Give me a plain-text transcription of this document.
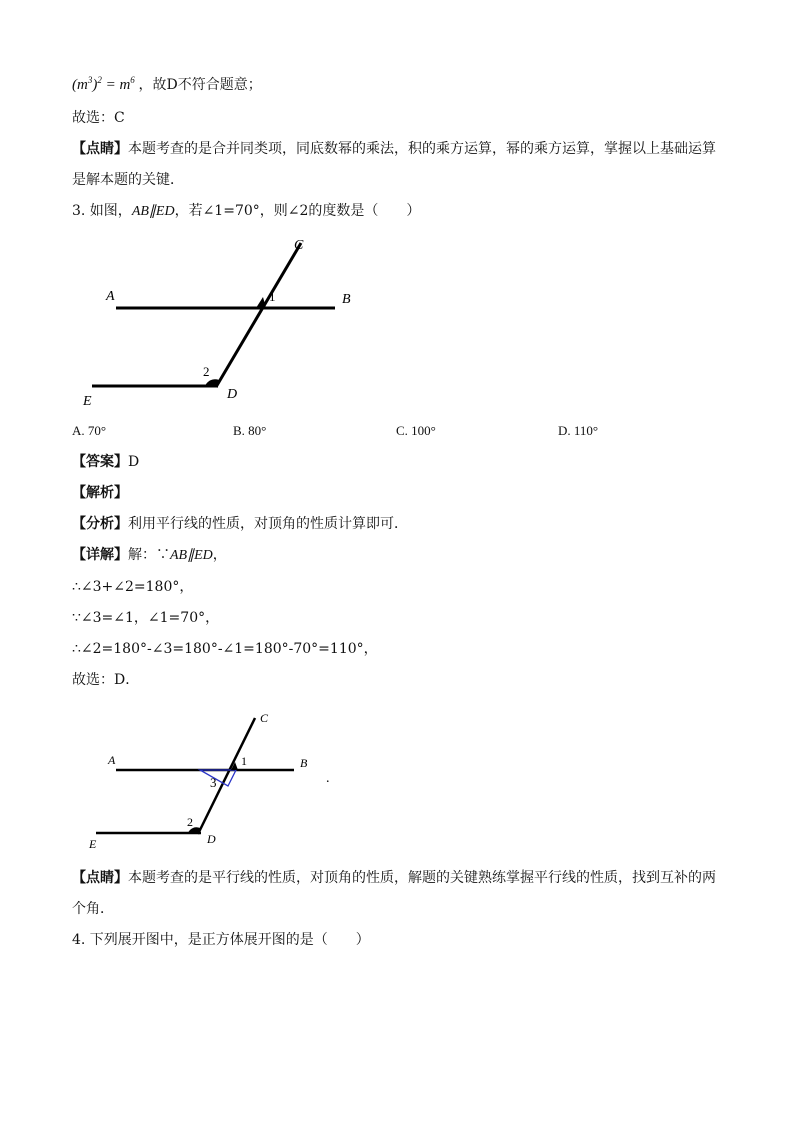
$(m^3)^2 = m^6$ ，故D不符合题意；
故选：C
【点睛】本题考查的是合并同类项，同底数幂的乘法，积的乘方运算，幂的乘方运算，掌握以上基础运算
是解本题的关键．
3. 如图，AB∥ED，若∠1=70°，则∠2的度数是（　　）
A	B
C
D
E
1
2
A. 70°	B. 80°	C. 100°	D. 110°
【答案】D
【解析】
【分析】利用平行线的性质，对顶角的性质计算即可．
【详解】解：∵AB∥ED，
∴∠3+∠2=180°，
∵∠3=∠1，∠1=70°，
∴∠2=180°-∠3=180°-∠1=180°-70°=110°，
故选：D．
A	B
C
D
E
1
2
3	.
【点睛】本题考查的是平行线的性质，对顶角的性质，解题的关键熟练掌握平行线的性质，找到互补的两
个角．
4. 下列展开图中，是正方体展开图的是（　　）
